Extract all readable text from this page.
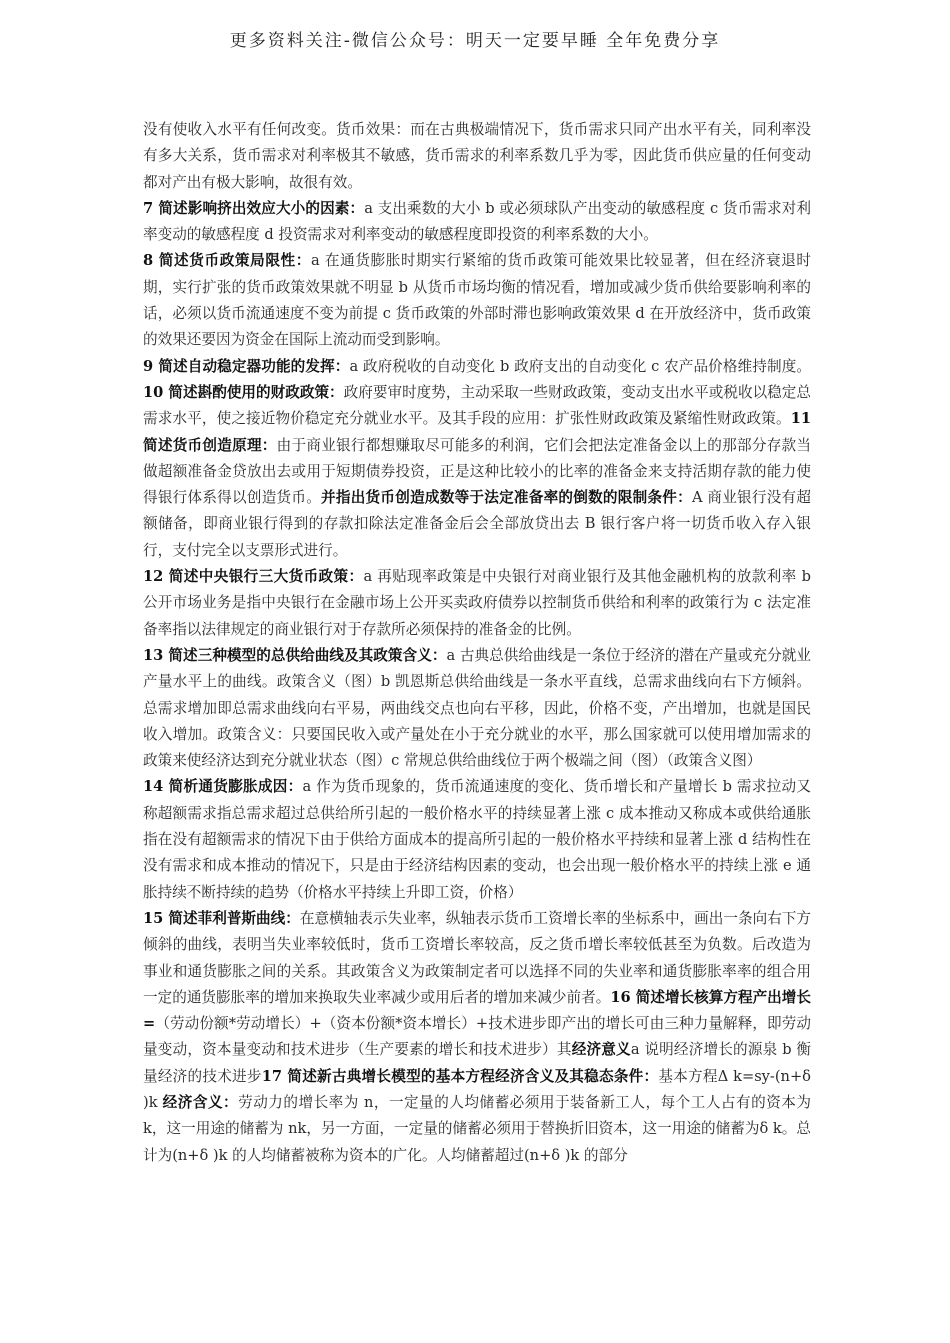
更多资料关注-微信公众号：明天一定要早睡 全年免费分享

没有使收入水平有任何改变。货币效果：而在古典极端情况下，货币需求只同产出水平有关，同利率没有多大关系，货币需求对利率极其不敏感，货币需求的利率系数几乎为零，因此货币供应量的任何变动都对产出有极大影响，故很有效。

7 简述影响挤出效应大小的因素：a 支出乘数的大小 b 或必须球队产出变动的敏感程度 c 货币需求对利率变动的敏感程度 d 投资需求对利率变动的敏感程度即投资的利率系数的大小。

8 简述货币政策局限性：a 在通货膨胀时期实行紧缩的货币政策可能效果比较显著，但在经济衰退时期，实行扩张的货币政策效果就不明显 b 从货币市场均衡的情况看，增加或减少货币供给要影响利率的话，必须以货币流通速度不变为前提 c 货币政策的外部时滞也影响政策效果 d 在开放经济中，货币政策的效果还要因为资金在国际上流动而受到影响。

9 简述自动稳定器功能的发挥：a 政府税收的自动变化 b 政府支出的自动变化 c 农产品价格维持制度。10 简述斟酌使用的财政政策：政府要审时度势，主动采取一些财政政策，变动支出水平或税收以稳定总需求水平，使之接近物价稳定充分就业水平。及其手段的应用：扩张性财政政策及紧缩性财政政策。11 简述货币创造原理：由于商业银行都想赚取尽可能多的利润，它们会把法定准备金以上的那部分存款当做超额准备金贷放出去或用于短期债券投资，正是这种比较小的比率的准备金来支持活期存款的能力使得银行体系得以创造货币。并指出货币创造成数等于法定准备率的倒数的限制条件：A 商业银行没有超额储备，即商业银行得到的存款扣除法定准备金后会全部放贷出去 B 银行客户将一切货币收入存入银行，支付完全以支票形式进行。

12 简述中央银行三大货币政策：a 再贴现率政策是中央银行对商业银行及其他金融机构的放款利率 b 公开市场业务是指中央银行在金融市场上公开买卖政府债券以控制货币供给和利率的政策行为 c 法定准备率指以法律规定的商业银行对于存款所必须保持的准备金的比例。

13 简述三种模型的总供给曲线及其政策含义：a 古典总供给曲线是一条位于经济的潜在产量或充分就业产量水平上的曲线。政策含义（图）b 凯恩斯总供给曲线是一条水平直线，总需求曲线向右下方倾斜。总需求增加即总需求曲线向右平易，两曲线交点也向右平移，因此，价格不变，产出增加，也就是国民收入增加。政策含义：只要国民收入或产量处在小于充分就业的水平，那么国家就可以使用增加需求的政策来使经济达到充分就业状态（图）c 常规总供给曲线位于两个极端之间（图）（政策含义图）

14 简析通货膨胀成因：a 作为货币现象的，货币流通速度的变化、货币增长和产量增长 b 需求拉动又称超额需求指总需求超过总供给所引起的一般价格水平的持续显著上涨 c 成本推动又称成本或供给通胀指在没有超额需求的情况下由于供给方面成本的提高所引起的一般价格水平持续和显著上涨 d 结构性在没有需求和成本推动的情况下，只是由于经济结构因素的变动，也会出现一般价格水平的持续上涨 e 通胀持续不断持续的趋势（价格水平持续上升即工资，价格）

15 简述菲利普斯曲线：在意横轴表示失业率，纵轴表示货币工资增长率的坐标系中，画出一条向右下方倾斜的曲线，表明当失业率较低时，货币工资增长率较高，反之货币增长率较低甚至为负数。后改造为事业和通货膨胀之间的关系。其政策含义为政策制定者可以选择不同的失业率和通货膨胀率率的组合用一定的通货膨胀率的增加来换取失业率减少或用后者的增加来减少前者。16 简述增长核算方程产出增长=（劳动份额*劳动增长）+（资本份额*资本增长）+技术进步即产出的增长可由三种力量解释，即劳动量变动，资本量变动和技术进步（生产要素的增长和技术进步）其经济意义a 说明经济增长的源泉 b 衡量经济的技术进步17 简述新古典增长模型的基本方程经济含义及其稳态条件：基本方程Δ k=sy-(n+δ )k 经济含义：劳动力的增长率为 n，一定量的人均储蓄必须用于装备新工人，每个工人占有的资本为 k，这一用途的储蓄为 nk，另一方面，一定量的储蓄必须用于替换折旧资本，这一用途的储蓄为δ k。总计为(n+δ )k 的人均储蓄被称为资本的广化。人均储蓄超过(n+δ )k 的部分
